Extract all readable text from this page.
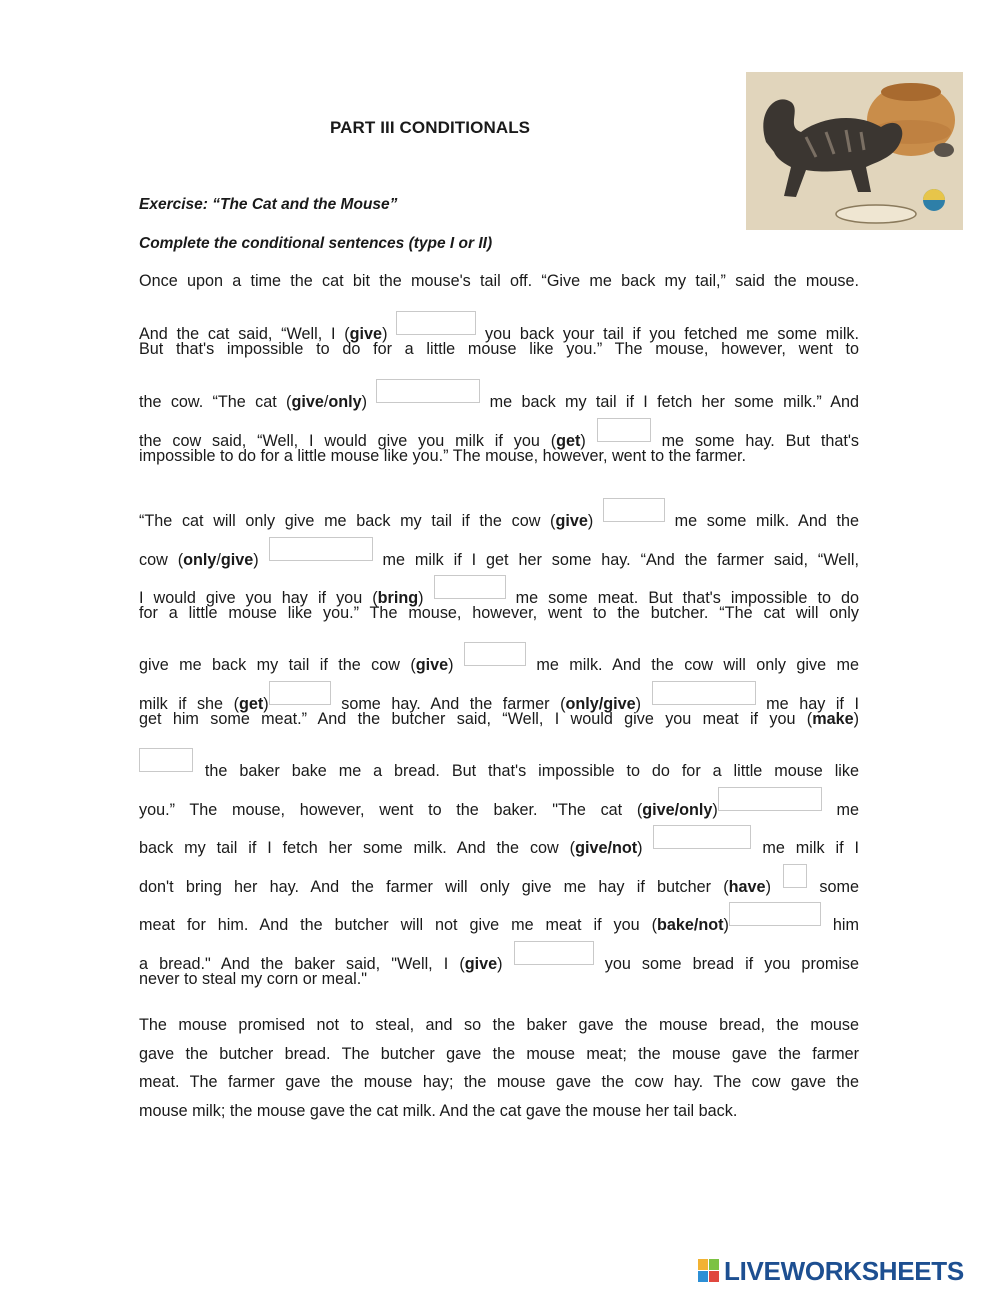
PART III CONDITIONALS
Exercise: “The Cat and the Mouse”
Complete the conditional sentences (type I or II)
Once upon a time the cat bit the mouse's tail off. “Give me back my tail,” said the mouse.
And the cat said, “Well, I (give)	you back your tail if you fetched me some milk.
But that's impossible to do for a little mouse like you.” The mouse, however, went to
the cow. “The cat (give/only)	me back my tail if I fetch her some milk.” And
the cow said, “Well, I would give you milk if you (get)	me some hay. But that's
impossible to do for a little mouse like you.” The mouse, however, went to the farmer.
“The cat will only give me back my tail if the cow (give)	me some milk. And the
cow (only/give)	me milk if I get her some hay. “And the farmer said, “Well,
I would give you hay if you (bring)	me some meat. But that's impossible to do
for a little mouse like you.” The mouse, however, went to the butcher. “The cat will only
give me back my tail if the cow (give)	me milk. And the cow will only give me
milk if she (get)	some hay. And the farmer (only/give)	me hay if I
get him some meat.” And the butcher said, “Well, I would give you meat if you (make)
the baker bake me a bread. But that's impossible to do for a little mouse like
you.” The mouse, however, went to the baker. "The cat (give/only)	me
back my tail if I fetch her some milk. And the cow (give/not)	me milk if I
don't bring her hay. And the farmer will only give me hay if butcher (have)	some
meat for him. And the butcher will not give me meat if you (bake/not)	him
a bread." And the baker said, "Well, I (give)	you some bread if you promise
never to steal my corn or meal."
The mouse promised not to steal, and so the baker gave the mouse bread, the mouse
gave the butcher bread. The butcher gave the mouse meat; the mouse gave the farmer
meat. The farmer gave the mouse hay; the mouse gave the cow hay. The cow gave the
mouse milk; the mouse gave the cat milk. And the cat gave the mouse her tail back.
LIVEWORKSHEETS
